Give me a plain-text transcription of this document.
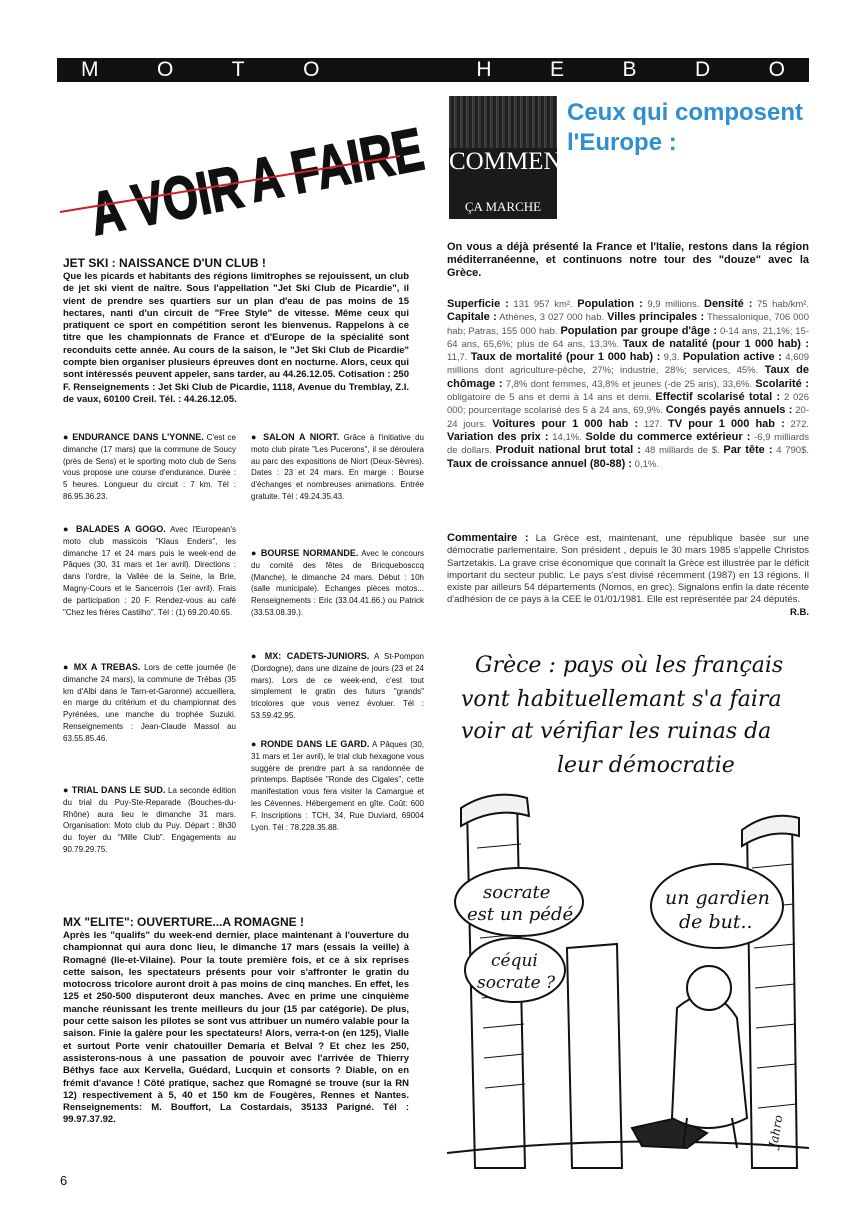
M	O	T	O	H	E	B	D	O
A VOIR
A FAIRE COMMENT
ÇA MARCHE
Ceux qui composent
l'Europe :
JET SKI : NAISSANCE D'UN CLUB !
Que les picards et habitants des régions limitrophes se rejouissent, un club de jet ski vient de naître. Sous l'appellation "Jet Ski Club de Picardie", il vient de prendre ses quartiers sur un plan d'eau de pas moins de 15 hectares, nanti d'un circuit de "Free Style" de vitesse. Même ceux qui pratiquent ce sport en compétition seront les bienvenus. Rappelons à ce titre que les championnats de France et d'Europe de la spécialité sont reconduits cette année. Au cours de la saison, le "Jet Ski Club de Picardie" compte bien organiser plusieurs épreuves dont en nocturne. Alors, ceux qui sont intéressés peuvent appeler, sans tarder, au 44.26.12.05. Cotisation : 250 F. Renseignements : Jet Ski Club de Picardie, 1118, Avenue du Tremblay, Z.I. de vaux, 60100 Creil. Tél. : 44.26.12.05.
● ENDURANCE DANS L'YONNE. C'est ce dimanche (17 mars) que la commune de Soucy (près de Sens) et le sporting moto club de Sens vous propose une course d'endurance. Durée : 5 heures. Longueur du circuit : 7 km. Tél : 86.95.36.23.
● BALADES A GOGO. Avec l'European's moto club massicois "Klaus Enders", les dimanche 17 et 24 mars puis le week-end de Pâques (30, 31 mars et 1er avril). Directions : dans l'ordre, la Vallée de la Seine, la Brie, Magny-Cours et le Sancerrois (1er avril). Frais de participation : 20 F. Rendez-vous au café "Chez les frères Castilho". Tél : (1) 69.20.40.65.
● MX A TREBAS. Lors de cette journée (le dimanche 24 mars), la commune de Trébas (35 km d'Albi dans le Tarn-et-Garonne) accueillera, en marge du critérium et du championnat des Pyrénées, une manche du trophée Suzuki. Renseignements : Jean-Claude Massol au 63.55.85.46.
● TRIAL DANS LE SUD. La seconde édition du trial du Puy-Ste-Reparade (Bouches-du-Rhône) aura lieu le dimanche 31 mars. Organisation: Moto club du Puy. Départ : 8h30 du foyer du "Mille Club". Engagements au 90.79.29.75.
● SALON A NIORT. Grâce à l'initiative du moto club pirate "Les Pucerons", il se déroulera au parc des expositions de Niort (Deux-Sèvres). Dates : 23 et 24 mars. En marge : Bourse d'échanges et nombreuses animations. Entrée gratuite. Tél : 49.24.35.43.
● BOURSE NORMANDE. Avec le concours du comité des fêtes de Bricquebosccq (Manche), le dimanche 24 mars. Début : 10h (salle municipale). Echanges pièces motos... Renseignements : Eric (33.04.41.66.) ou Patrick (33.53.08.39.).
● MX: CADETS-JUNIORS. A St-Pompon (Dordogne), dans une dizaine de jours (23 et 24 mars). Lors de ce week-end, c'est tout simplement le gratin des futurs "grands" tricolores que vous verrez évoluer. Tél : 53.59.42.95.
● RONDE DANS LE GARD. A Pâques (30, 31 mars et 1er avril), le trial club hexagone vous suggère de prendre part à sa randonnée de printemps. Baptisée "Ronde des Cigales", cette manifestation vous fera visiter la Camargue et les Cévennes. Hébergement en gîte. Coût: 600 F. Inscriptions : TCH, 34, Rue Duviard, 69004 Lyon. Tél : 78.228.35.88.
MX "ELITE": OUVERTURE...A ROMAGNE !
Après les "qualifs" du week-end dernier, place maintenant à l'ouverture du championnat qui aura donc lieu, le dimanche 17 mars (essais la veille) à Romagné (Ile-et-Vilaine). Pour la toute première fois, et ce à six reprises cette saison, les spectateurs présents pour voir s'affronter le gratin du motocross tricolore auront droit à pas moins de cinq manches. En effet, les 125 et 250-500 disputeront deux manches. Avec en prime une cinquième manche réunissant les trente meilleurs du jour (15 par catégorie). De plus, pour cette saison les pilotes se sont vus attribuer un numéro valable pour la saison. Finie la galère pour les spectateurs! Alors, verra-t-on (en 125), Vialle et surtout Porte venir chatouiller Demaria et Belval ? Et chez les 250, assisterons-nous à une passation de pouvoir avec l'arrivée de Thierry Béthys face aux Kervella, Guédard, Lucquin et consorts ? Diable, on en frémit d'avance ! Côté pratique, sachez que Romagné se trouve (sur la RN 12) respectivement à 5, 40 et 150 km de Fougères, Rennes et Nantes. Renseignements: M. Bouffort, La Costardais, 35133 Parigné. Tél : 99.97.37.92.
6
On vous a déjà présenté la France et l'Italie, restons dans la région méditerranéenne, et continuons notre tour des "douze" avec la Grèce.
Superficie : 131 957 km². Population : 9,9 millions. Densité : 75 hab/km². Capitale : Athènes, 3 027 000 hab. Villes principales : Thessalonique, 706 000 hab; Patras, 155 000 hab. Population par groupe d'âge : 0-14 ans, 21,1%; 15-64 ans, 65,6%; plus de 64 ans, 13,3%. Taux de natalité (pour 1 000 hab) : 11,7. Taux de mortalité (pour 1 000 hab) : 9,3. Population active : 4,609 millions dont agriculture-pêche, 27%; industrie, 28%; services, 45%. Taux de chômage : 7,8% dont femmes, 43,8% et jeunes (-de 25 ans), 33,6%. Scolarité : obligatoire de 5 ans et demi à 14 ans et demi. Effectif scolarisé total : 2 026 000; pourcentage scolarisé des 5 à 24 ans, 69,9%. Congés payés annuels : 20-24 jours. Voitures pour 1 000 hab : 127. TV pour 1 000 hab : 272. Variation des prix : 14,1%. Solde du commerce extérieur : -6,9 milliards de dollars. Produit national brut total : 48 milliards de $. Par tête : 4 790$. Taux de croissance annuel (80-88) : 0,1%.
Commentaire : La Grèce est, maintenant, une république basée sur une démocratie parlementaire. Son président , depuis le 30 mars 1985 s'appelle Christos Sartzetakis. La grave crise économique que connaît la Grèce est illustrée par le déficit important du secteur public. Le pays s'est divisé récemment (1987) en 13 régions. Il existe par ailleurs 54 départements (Nomos, en grec). Signalons enfin la date récente d'adhésion de ce pays à la CEE le 01/01/1981. Elle est représentée par 24 députés.
R.B.
Grèce : pays où les français
vont habituellemant s'a faira
voir at vérifiar les ruinas da
leur démocratie
socrate
est un pédé
céqui
socrate ?
un gardien
de but..
Jahro
